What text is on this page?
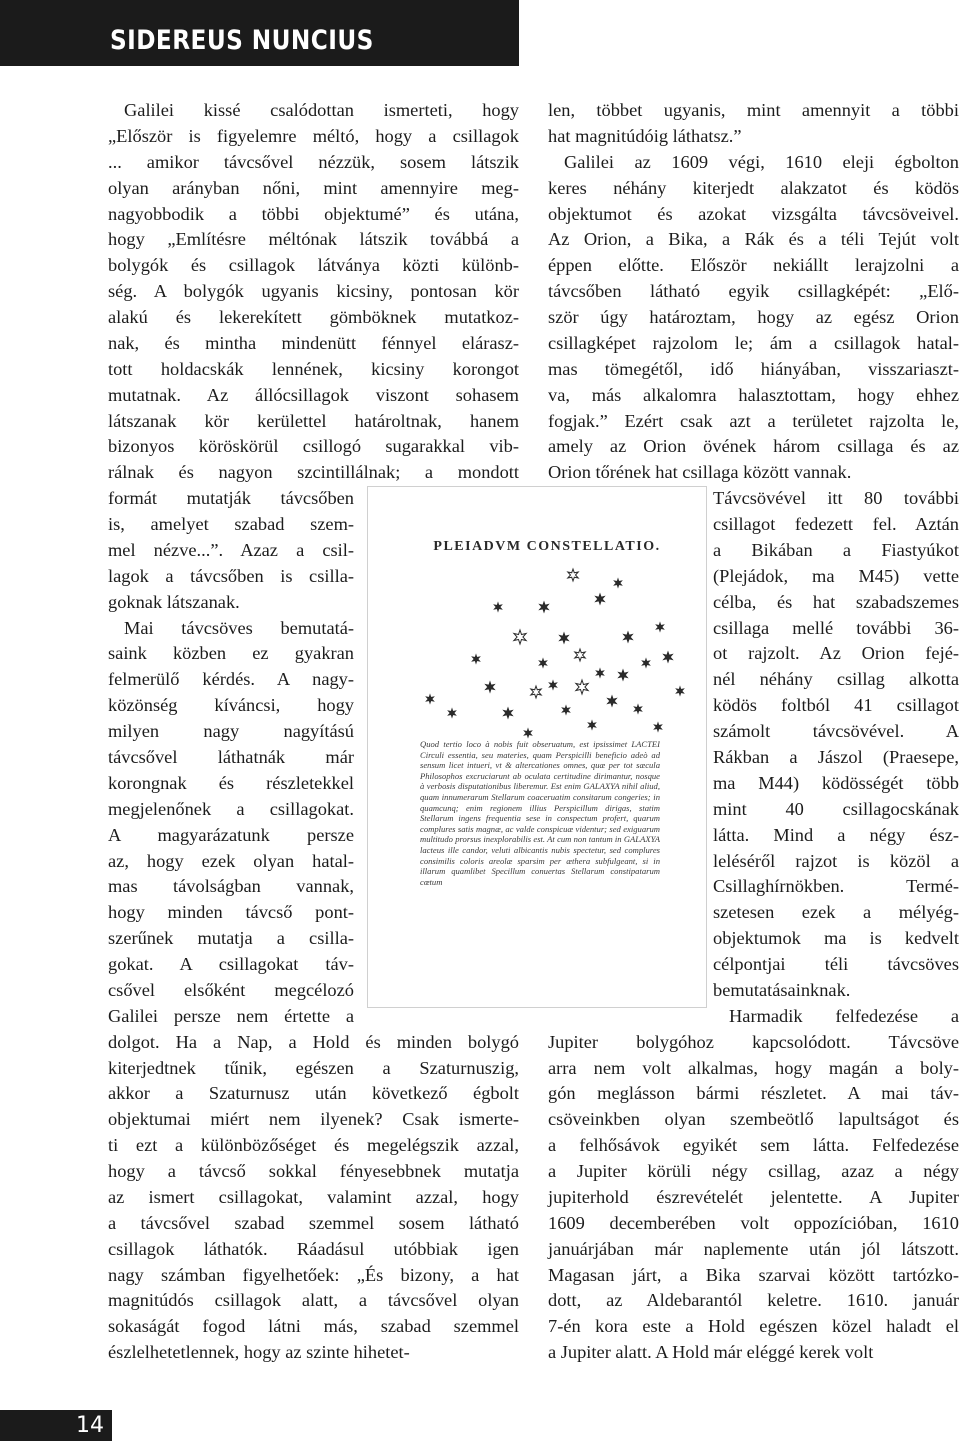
SIDEREUS NUNCIUS
Galilei kissé csalódottan ismerteti, hogy
„Először is figyelemre méltó, hogy a csillagok
... amikor távcsővel nézzük, sosem látszik
olyan arányban nőni, mint amennyire meg-
nagyobbodik a többi objektumé” és utána,
hogy „Említésre méltónak látszik továbbá a
bolygók és csillagok látványa közti különb-
ség. A bolygók ugyanis kicsiny, pontosan kör
alakú és lekerekített gömböknek mutatkoz-
nak, és mintha mindenütt fénnyel elárasz-
tott holdacskák lennének, kicsiny korongot
mutatnak. Az állócsillagok viszont sohasem
látszanak kör kerülettel határoltnak, hanem
bizonyos köröskörül csillogó sugarakkal vib-
rálnak és nagyon szcintillálnak; a mondott
formát mutatják távcsőben
is, amelyet szabad szem-
mel nézve...”. Azaz a csil-
lagok a távcsőben is csilla-
goknak látszanak.
Mai távcsöves bemutatá-
saink közben ez gyakran
felmerülő kérdés. A nagy-
közönség kíváncsi, hogy
milyen nagy nagyítású
távcsővel láthatnák már
korongnak és részletekkel
megjelenőnek a csillagokat.
A magyarázatunk persze
az, hogy ezek olyan hatal-
mas távolságban vannak,
hogy minden távcső pont-
szerűnek mutatja a csilla-
gokat. A csillagokat táv-
csővel elsőként megcélozó
Galilei persze nem értette a
dolgot. Ha a Nap, a Hold és minden bolygó
kiterjedtnek tűnik, egészen a Szaturnuszig,
akkor a Szaturnusz után következő égbolt
objektumai miért nem ilyenek? Csak ismerte-
ti ezt a különbözőséget és megelégszik azzal,
hogy a távcső sokkal fényesebbnek mutatja
az ismert csillagokat, valamint azzal, hogy
a távcsővel szabad szemmel sosem látható
csillagok láthatók. Ráadásul utóbbiak igen
nagy számban figyelhetőek: „És bizony, a hat
magnitúdós csillagok alatt, a távcsővel olyan
sokaságát fogod látni más, szabad szemmel
észlelhetetlennek, hogy az szinte hihetet-
len, többet ugyanis, mint amennyit a többi
hat magnitúdóig láthatsz.”
Galilei az 1609 végi, 1610 eleji égbolton
keres néhány kiterjedt alakzatot és ködös
objektumot és azokat vizsgálta távcsöveivel.
Az Orion, a Bika, a Rák és a téli Tejút volt
éppen előtte. Először nekiállt lerajzolni a
távcsőben látható egyik csillagképét: „Elő-
ször úgy határoztam, hogy az egész Orion
csillagképet rajzolom le; ám a csillagok hatal-
mas tömegétől, idő hiányában, visszariaszt-
va, más alkalomra halasztottam, hogy ehhez
fogjak.” Ezért csak azt a területet rajzolta le,
amely az Orion övének három csillaga és az
Orion tőrének hat csillaga között vannak.
Távcsövével itt 80 további
csillagot fedezett fel. Aztán
a Bikában a Fiastyúkot
(Plejádok, ma M45) vette
célba, és hat szabadszemes
csillaga mellé további 36-
ot rajzolt. Az Orion fejé-
nél néhány csillag alkotta
ködös foltból 41 csillagot
számolt távcsövével. A
Rákban a Jászol (Praesepe,
ma M44) ködösségét több
mint 40 csillagocskának
látta. Mind a négy ész-
leléséről rajzot is közöl a
Csillaghírnökben. Termé-
szetesen ezek a mélyég-
objektumok ma is kedvelt
célpontjai téli távcsöves
bemutatásainknak.
Harmadik felfedezése a
Jupiter bolygóhoz kapcsolódott. Távcsöve
arra nem volt alkalmas, hogy magán a boly-
gón meglásson bármi részletet. A mai táv-
csöveinkben olyan szembeötlő lapultságot és
a felhősávok egyikét sem látta. Felfedezése
a Jupiter körüli négy csillag, azaz a négy
jupiterhold észrevételét jelentette. A Jupiter
1609 decemberében volt oppozícióban, 1610
januárjában már naplemente után jól látszott.
Magasan járt, a Bika szarvai között tartózko-
dott, az Aldebarantól keletre. 1610. január
7-én kora este a Hold egészen közel haladt el
a Jupiter alatt. A Hold már eléggé kerek volt
PLEIADVM CONSTELLATIO.
Quod tertio loco à nobis fuit obseruatum, est ipsissimet LACTEI Circuli essentia, seu materies, quam Perspicilli beneficio adeò ad sensum licet intueri, vt & altercationes omnes, quæ per tot sæcula Philosophos excruciarunt ab oculata certitudine dirimantur, nosque à verbosis disputationibus liberemur. Est enim GALAXYA nihil aliud, quam innumerarum Stellarum coaceruatim consitarum congeries; in quamcunq; enim regionem illius Perspicillum dirigas, statim Stellarum ingens frequentia sese in conspectum profert, quarum complures satis magnæ, ac valde conspicuæ videntur; sed exiguarum multitudo prorsus inexplorabilis est. At cum non tantum in GALAXYA lacteus ille candor, veluti albicantis nubis spectetur, sed complures consimilis coloris areolæ sparsim per æthera subfulgeant, si in illarum quamlibet Specillum conuertas Stellarum constipatarum cœtum
14
